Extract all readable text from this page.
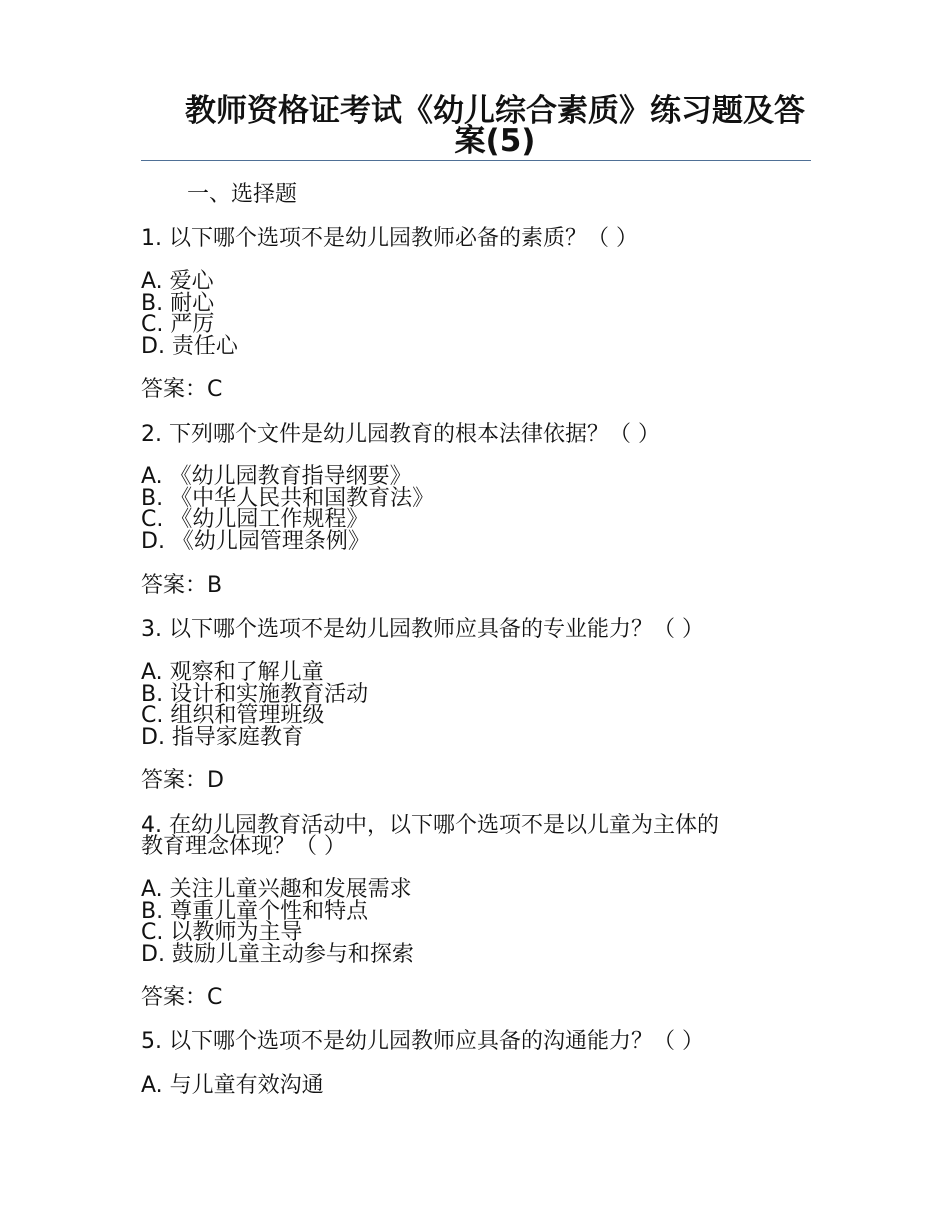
教师资格证考试《幼儿综合素质》练习题及答案(5)
一、选择题
1. 以下哪个选项不是幼儿园教师必备的素质？（ ）
A. 爱心
B. 耐心
C. 严厉
D. 责任心
答案：C
2. 下列哪个文件是幼儿园教育的根本法律依据？（ ）
A. 《幼儿园教育指导纲要》
B. 《中华人民共和国教育法》
C. 《幼儿园工作规程》
D. 《幼儿园管理条例》
答案：B
3. 以下哪个选项不是幼儿园教师应具备的专业能力？（ ）
A. 观察和了解儿童
B. 设计和实施教育活动
C. 组织和管理班级
D. 指导家庭教育
答案：D
4. 在幼儿园教育活动中，以下哪个选项不是以儿童为主体的
教育理念体现？（ ）
A. 关注儿童兴趣和发展需求
B. 尊重儿童个性和特点
C. 以教师为主导
D. 鼓励儿童主动参与和探索
答案：C
5. 以下哪个选项不是幼儿园教师应具备的沟通能力？（ ）
A. 与儿童有效沟通
